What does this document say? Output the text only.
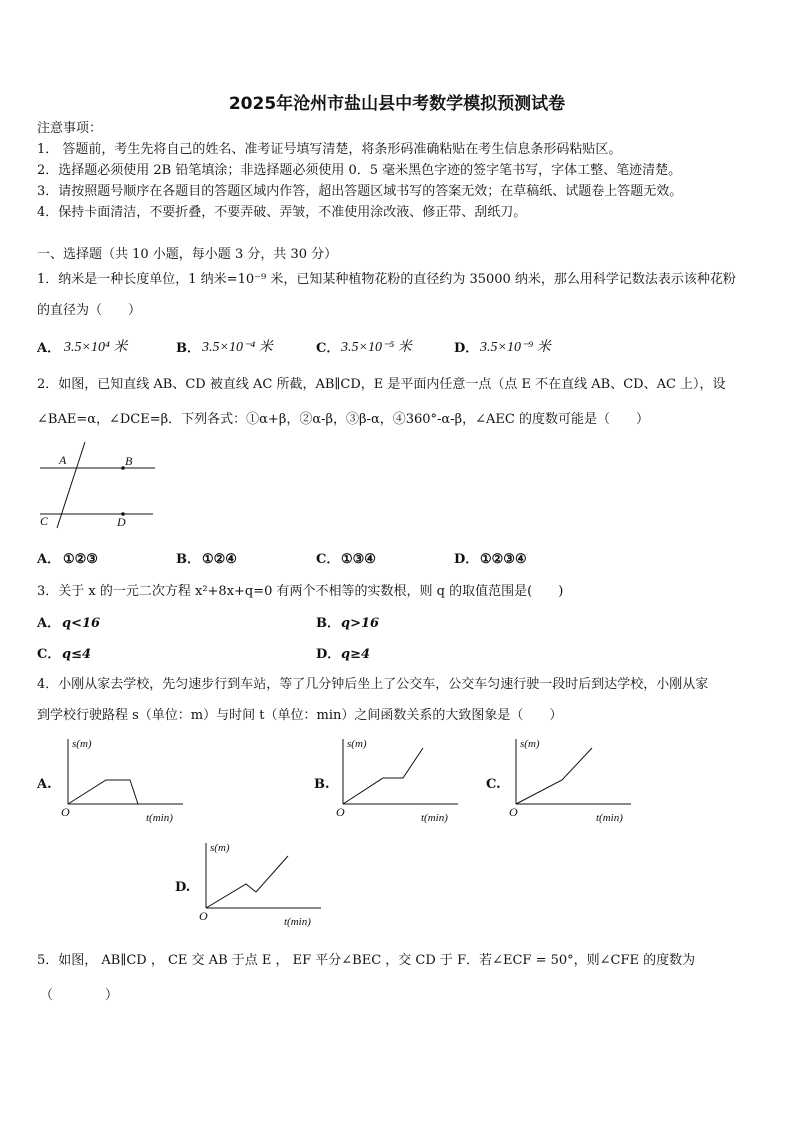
2025年沧州市盐山县中考数学模拟预测试卷
注意事项：
1． 答题前，考生先将自己的姓名、准考证号填写清楚，将条形码准确粘贴在考生信息条形码粘贴区。
2．选择题必须使用 2B 铅笔填涂；非选择题必须使用 0．5 毫米黑色字迹的签字笔书写，字体工整、笔迹清楚。
3．请按照题号顺序在各题目的答题区域内作答，超出答题区域书写的答案无效；在草稿纸、试题卷上答题无效。
4．保持卡面清洁，不要折叠，不要弄破、弄皱，不准使用涂改液、修正带、刮纸刀。
一、选择题（共 10 小题，每小题 3 分，共 30 分）
1．纳米是一种长度单位，1 纳米=10⁻⁹ 米，已知某种植物花粉的直径约为 35000 纳米，那么用科学记数法表示该种花粉
的直径为（　　）
A． 3.5×10⁴ 米	B． 3.5×10⁻⁴ 米	C． 3.5×10⁻⁵ 米	D． 3.5×10⁻⁹ 米
2．如图，已知直线 AB、CD 被直线 AC 所截，AB∥CD，E 是平面内任意一点（点 E 不在直线 AB、CD、AC 上），设
∠BAE=α，∠DCE=β．下列各式：①α+β，②α-β，③β-α，④360°-α-β，∠AEC 的度数可能是（　　）
A	B
C	D
A． ①②③	B． ①②④	C． ①③④	D． ①②③④
3．关于 x 的一元二次方程 x²+8x+q=0 有两个不相等的实数根，则 q 的取值范围是(　　)
A． q<16	B． q>16
C． q≤4	D． q≥4
4．小刚从家去学校，先匀速步行到车站，等了几分钟后坐上了公交车，公交车匀速行驶一段时后到达学校，小刚从家
到学校行驶路程 s（单位：m）与时间 t（单位：min）之间函数关系的大致图象是（　　）
A.
s(m)
t(min)
O
B.
s(m)
t(min)
O
C.
s(m)
t(min)
O
D.
s(m)
t(min)
O
5．如图， AB∥CD ， CE 交 AB 于点 E ， EF 平分∠BEC ，交 CD 于 F．若∠ECF = 50°，则∠CFE 的度数为
（　　　　）
